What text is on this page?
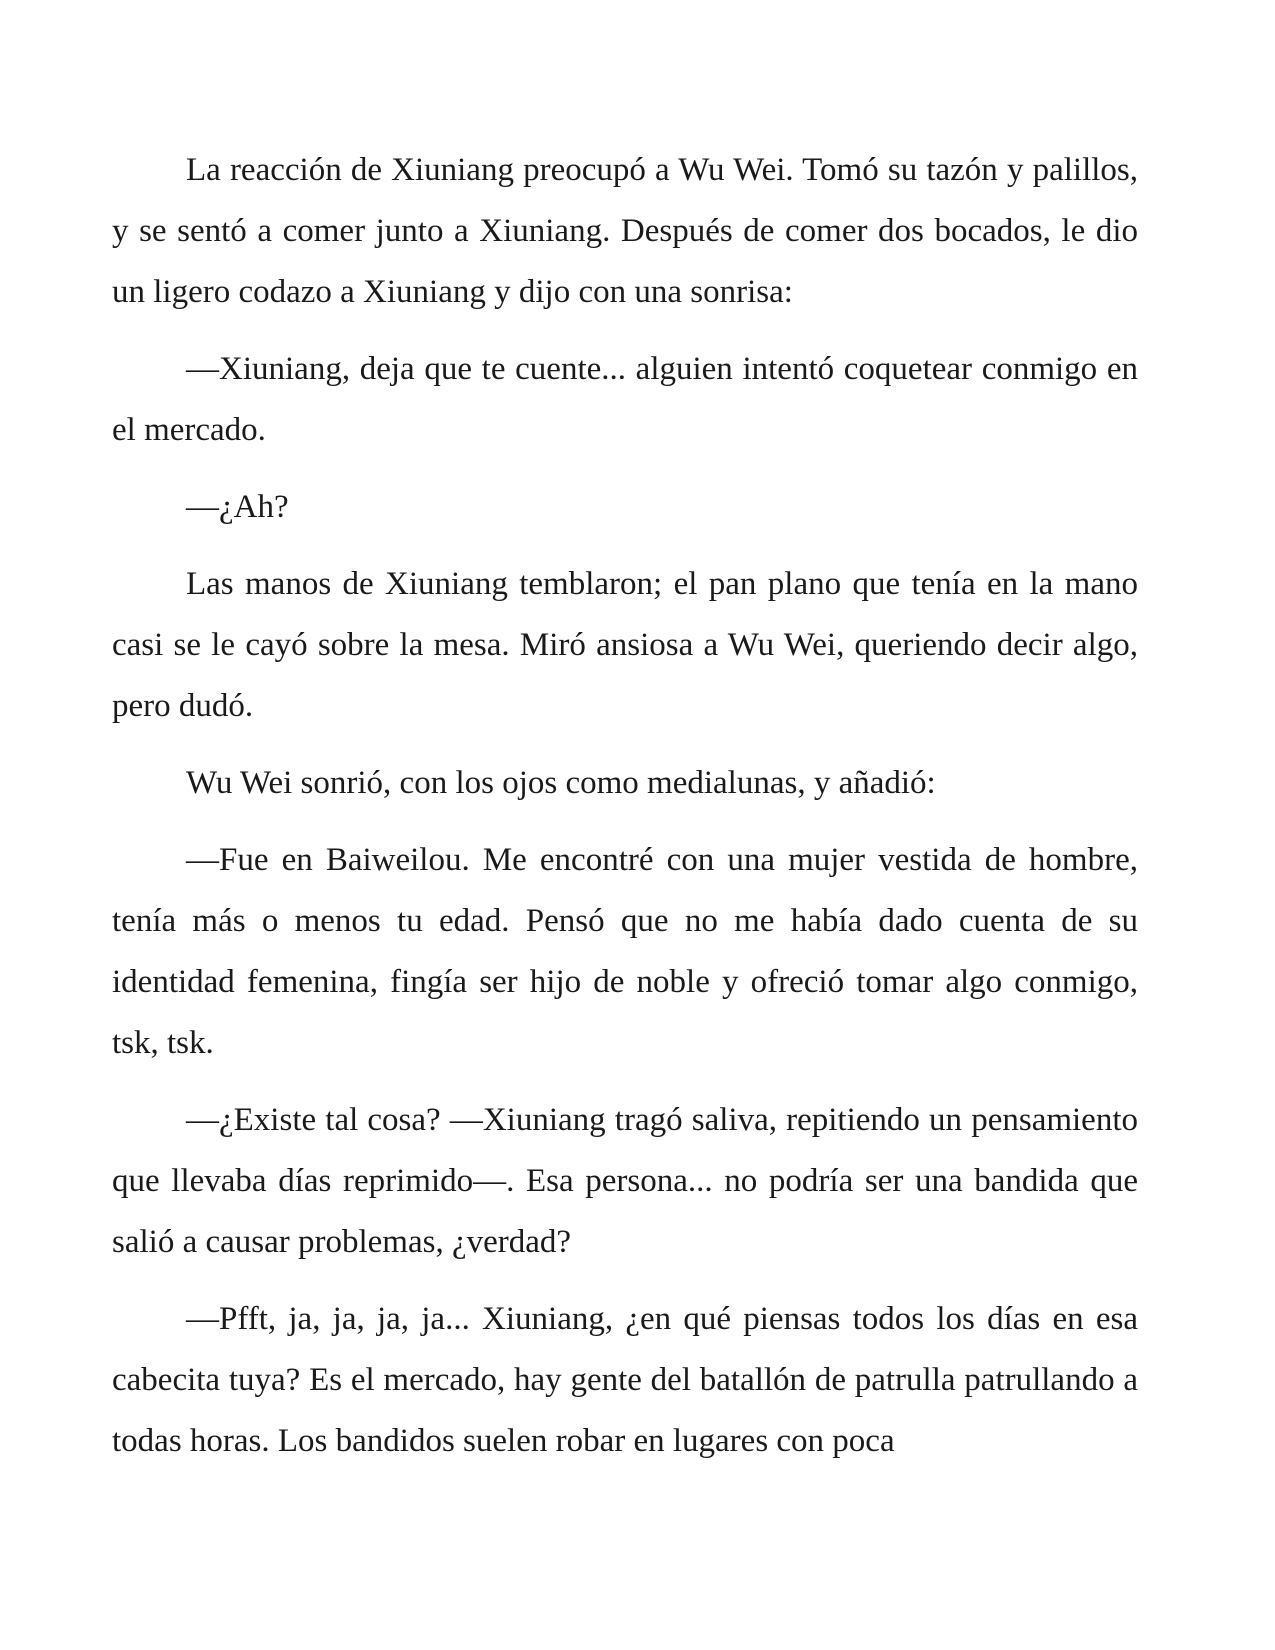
La reacción de Xiuniang preocupó a Wu Wei. Tomó su tazón y palillos, y se sentó a comer junto a Xiuniang. Después de comer dos bocados, le dio un ligero codazo a Xiuniang y dijo con una sonrisa:

—Xiuniang, deja que te cuente... alguien intentó coquetear conmigo en el mercado.

—¿Ah?

Las manos de Xiuniang temblaron; el pan plano que tenía en la mano casi se le cayó sobre la mesa. Miró ansiosa a Wu Wei, queriendo decir algo, pero dudó.

Wu Wei sonrió, con los ojos como medialunas, y añadió:

—Fue en Baiweilou. Me encontré con una mujer vestida de hombre, tenía más o menos tu edad. Pensó que no me había dado cuenta de su identidad femenina, fingía ser hijo de noble y ofreció tomar algo conmigo, tsk, tsk.

—¿Existe tal cosa? —Xiuniang tragó saliva, repitiendo un pensamiento que llevaba días reprimido—. Esa persona... no podría ser una bandida que salió a causar problemas, ¿verdad?

—Pfft, ja, ja, ja, ja... Xiuniang, ¿en qué piensas todos los días en esa cabecita tuya? Es el mercado, hay gente del batallón de patrulla patrullando a todas horas. Los bandidos suelen robar en lugares con poca
